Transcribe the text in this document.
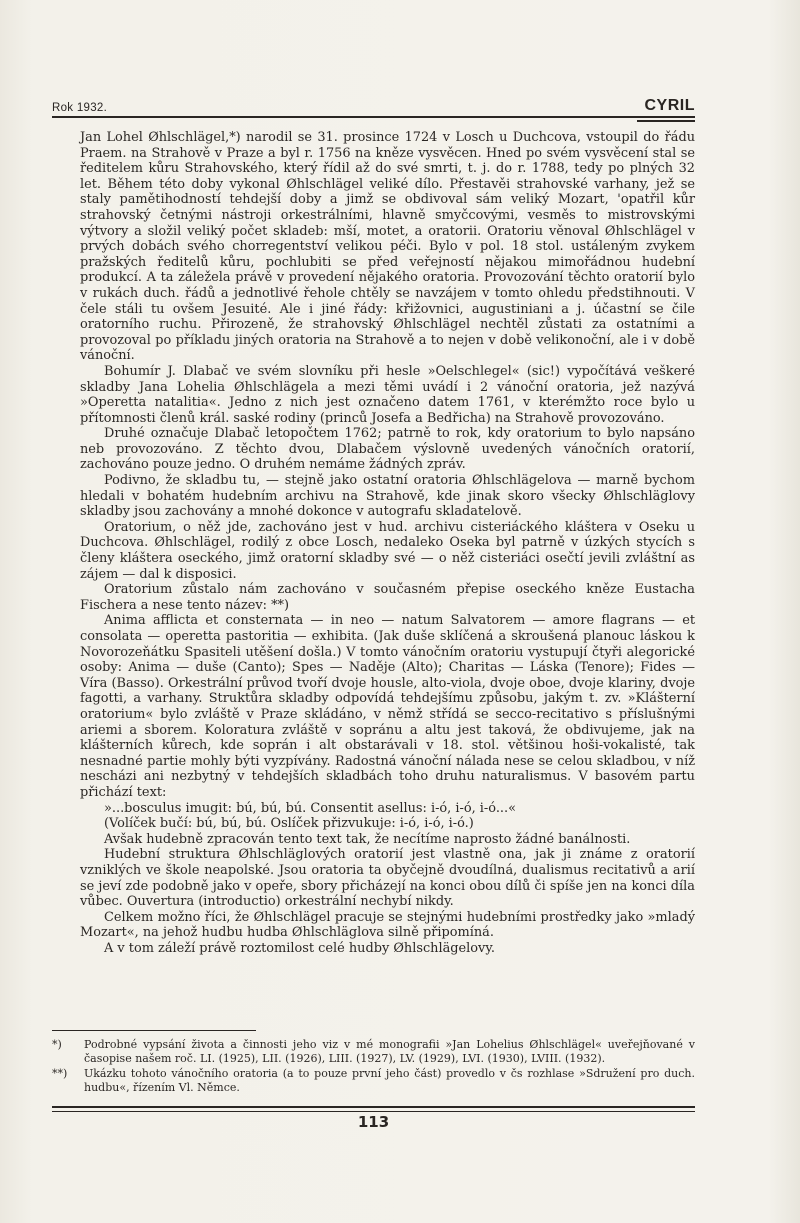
Rok 1932.	CYRIL

Jan Lohel Øhlschlägel,*) narodil se 31. prosince 1724 v Losch u Duchcova, vstoupil do řádu Praem. na Strahově v Praze a byl r. 1756 na kněze vysvěcen. Hned po svém vysvěcení stal se ředitelem kůru Strahovského, který řídil až do své smrti, t. j. do r. 1788, tedy po plných 32 let. Během této doby vykonal Øhlschlägel veliké dílo. Přestavěi strahovské varhany, jež se staly pamětihodností tehdejší doby a jimž se obdivoval sám veliký Mozart, 'opatřil kůr strahovský četnými nástroji orkestrálními, hlavně smyčcovými, vesměs to mistrovskými výtvory a složil veliký počet skladeb: mší, motet, a oratorii. Oratoriu věnoval Øhlschlägel v prvých dobách svého chorregentství velikou péči. Bylo v pol. 18 stol. ustáleným zvykem pražských ředitelů kůru, pochlubiti se před veřejností nějakou mimořádnou hudební produkcí. A ta záleželа právě v provedení nějakého oratoria. Provozování těchto oratorií bylo v rukách duch. řádů a jednotlivé řehole chtěly se navzájem v tomto ohledu předstihnouti. V čele stáli tu ovšem Jesuité. Ale i jiné řády: křižovnici, augustiniani a j. účastní se čile oratorního ruchu. Přirozeně, že strahovský Øhlschlägel nechtěl zůstati za ostatními a provozoval po příkladu jiných oratoria na Strahově a to nejen v době velikonoční, ale i v době vánoční.

Bohumír J. Dlabač ve svém slovníku při hesle »Oelschlegel« (sic!) vypočítává veškeré skladby Jana Lohelia Øhlschlägela a mezi těmi uvádí i 2 vánoční oratoria, jež nazývá »Operetta natalitia«. Jedno z nich jest označeno datem 1761, v kterémžto roce bylo u přítomnosti členů král. saské rodiny (princů Josefa a Bedřicha) na Strahově provozováno.

Druhé označuje Dlabač letopočtem 1762; patrně to rok, kdy oratorium to bylo napsáno neb provozováno. Z těchto dvou, Dlabačem výslovně uvedených vánočních oratorií, zachováno pouze jedno. O druhém nemáme žádných zpráv.

Podivno, že skladbu tu, — stejně jako ostatní oratoria Øhlschlägelova — marně bychom hledali v bohatém hudebním archivu na Strahově, kde jinak skoro všecky Øhlschläglovy skladby jsou zachovány a mnohé dokonce v autografu skladatelově.

Oratorium, o něž jde, zachováno jest v hud. archivu cisteriáckého kláštera v Oseku u Duchcova. Øhlschlägel, rodilý z obce Losch, nedaleko Oseka byl patrně v úzkých stycích s členy kláštera oseckého, jimž oratorní skladby své — o něž cisteriáci osečtí jevili zvláštní as zájem — dal k disposici.

Oratorium zůstalo nám zachováno v současném přepise oseckého kněze Eustacha Fischera a nese tento název: **)

Anima afflicta et consternata — in neo — natum Salvatorem — amore flagrans — et consolata — operetta pastoritia — exhibita. (Jak duše sklíčená a skroušená planouc láskou k Novorozeňátku Spasiteli utěšení došla.) V tomto vánočním oratoriu vystupují čtyři alegorické osoby: Anima — duše (Canto); Spes — Naděje (Alto); Charitas — Láska (Tenore); Fides — Víra (Basso). Orkestrální průvod tvoří dvoje housle, alto-viola, dvoje oboe, dvoje klariny, dvoje fagotti, a varhany. Struktůra skladby odpovídá tehdejšímu způsobu, jakým t. zv. »Klášterní oratorium« bylo zvláště v Praze skládáno, v němž střídá se secco-recitativo s příslušnými ariemi a sborem. Koloratura zvláště v sopránu a altu jest taková, že obdivujeme, jak na klášterních kůrech, kde soprán i alt obstarávali v 18. stol. většinou hoši-vokalisté, tak nesnadné partie mohly býti vyzpívány. Radostná vánoční nálada nese se celou skladbou, v níž nescházi ani nezbytný v tehdejších skladbách toho druhu naturalismus. V basovém partu přichází text:

»...bosculus imugit: bú, bú, bú. Consentit asellus: i-ó, i-ó, i-ó...«

(Volíček bučí: bú, bú, bú. Oslíček přizvukuje: i-ó, i-ó, i-ó.)

Avšak hudebně zpracován tento text tak, že necítíme naprosto žádné banálnosti.

Hudební struktura Øhlschläglových oratorií jest vlastně ona, jak ji známe z oratorií vzniklých ve škole neapolské. Jsou oratoria ta obyčejně dvoudílná, dualismus recitativů a arií se jeví zde podobně jako v opeře, sbory přicházejí na konci obou dílů či spíše jen na konci díla vůbec. Ouvertura (introductio) orkestrální nechybí nikdy.

Celkem možno říci, že Øhlschlägel pracuje se stejnými hudebními prostředky jako »mladý Mozart«, na jehož hudbu hudba Øhlschläglova silně připomíná.

A v tom záleží právě roztomilost celé hudby Øhlschlägelovy.

*) Podrobné vypsání života a činnosti jeho viz v mé monografii »Jan Lohelius Øhlschlägel« uveřejňované v časopise našem roč. LI. (1925), LII. (1926), LIII. (1927), LV. (1929), LVI. (1930), LVIII. (1932).

**) Ukázku tohoto vánočního oratoria (a to pouze první jeho část) provedlo v čs rozhlase »Sdružení pro duch. hudbu«, řízením Vl. Němce.

113
